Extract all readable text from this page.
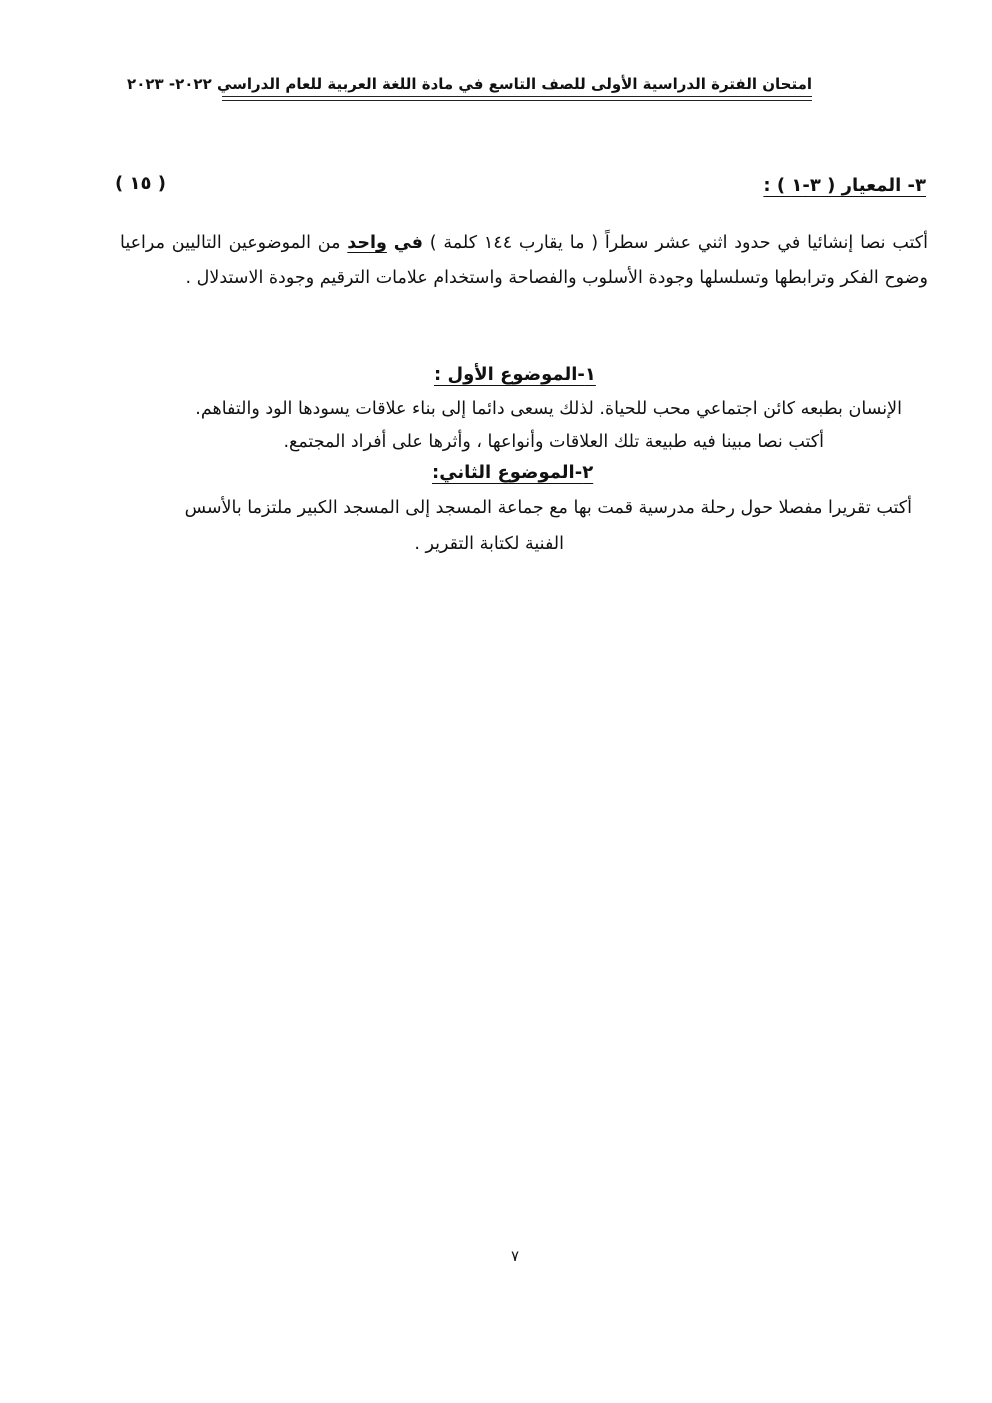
امتحان الفترة الدراسية الأولى للصف التاسع في مادة اللغة العربية للعام الدراسي ٢٠٢٢- ٢٠٢٣
٣- المعيار ( ٣-١ ) :
( ١٥ )
أكتب نصا إنشائيا في حدود اثني عشر سطراً ( ما يقارب ١٤٤ كلمة ) في واحد من الموضوعين التاليين مراعيا وضوح الفكر وترابطها وتسلسلها وجودة الأسلوب والفصاحة واستخدام علامات الترقيم وجودة الاستدلال .
١-الموضوع الأول :
الإنسان بطبعه كائن اجتماعي محب للحياة. لذلك يسعى دائما إلى بناء علاقات يسودها الود والتفاهم.
أكتب نصا مبينا فيه طبيعة تلك العلاقات وأنواعها ، وأثرها على أفراد المجتمع.
٢-الموضوع الثاني:
أكتب تقريرا مفصلا حول رحلة مدرسية قمت بها مع جماعة المسجد إلى المسجد الكبير ملتزما بالأسس
الفنية لكتابة التقرير .
٧
